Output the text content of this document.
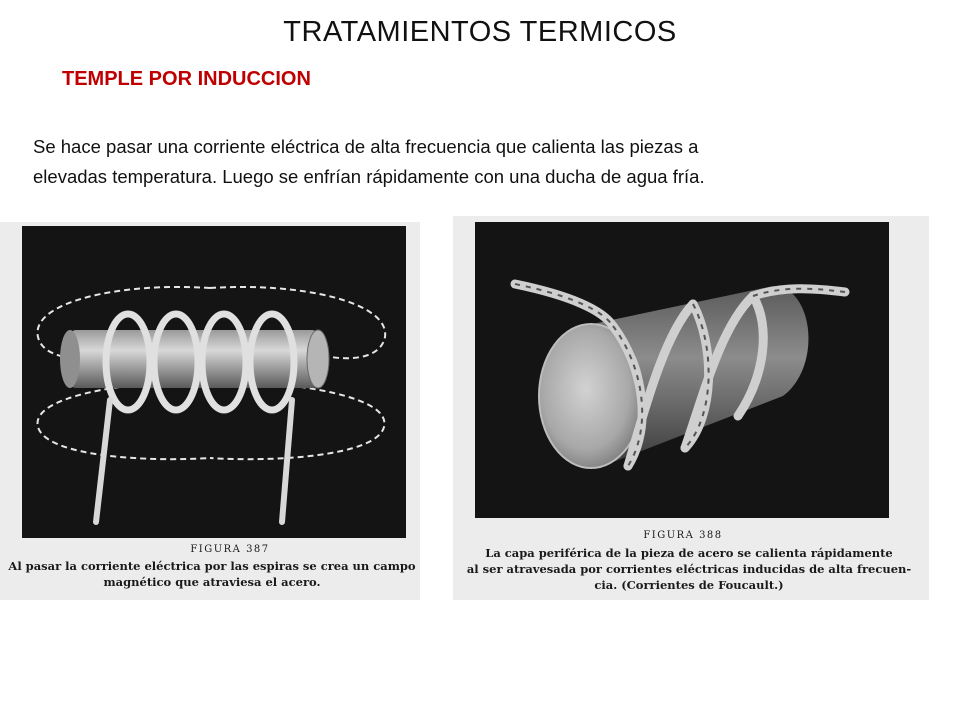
TRATAMIENTOS TERMICOS
TEMPLE POR INDUCCION
Se hace pasar una corriente eléctrica de alta frecuencia que calienta las piezas a
elevadas temperatura. Luego se enfrían rápidamente con una ducha de agua fría.
FIGURA 387
Al pasar la corriente eléctrica por las espiras se crea un campo
magnético que atraviesa el acero.
FIGURA 388
La capa periférica de la pieza de acero se calienta rápidamente
al ser atravesada por corrientes eléctricas inducidas de alta frecuen-
cia. (Corrientes de Foucault.)
